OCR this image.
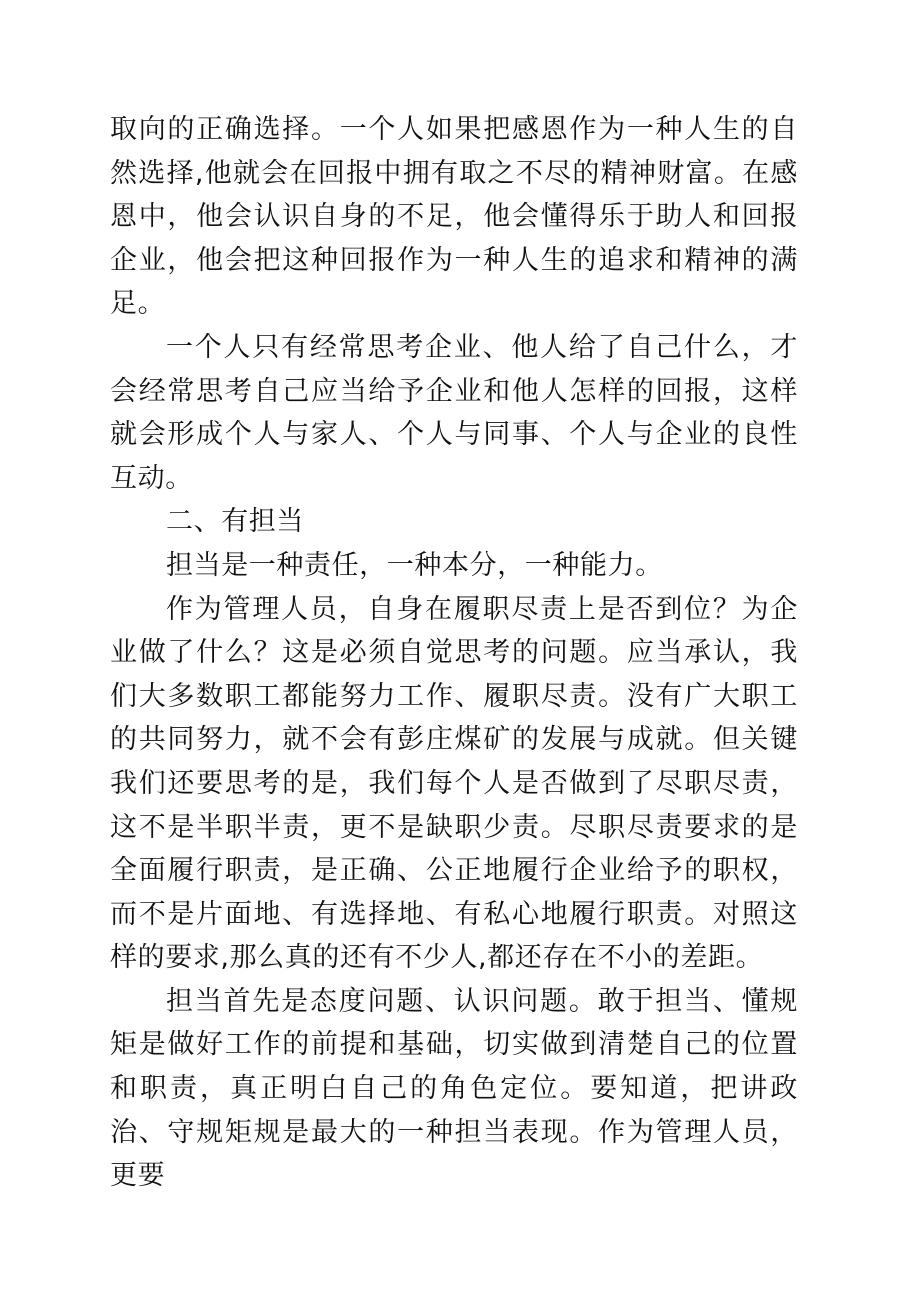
取向的正确选择。一个人如果把感恩作为一种人生的自然选择,他就会在回报中拥有取之不尽的精神财富。在感恩中，他会认识自身的不足，他会懂得乐于助人和回报企业，他会把这种回报作为一种人生的追求和精神的满足。

一个人只有经常思考企业、他人给了自己什么，才会经常思考自己应当给予企业和他人怎样的回报，这样就会形成个人与家人、个人与同事、个人与企业的良性互动。

二、有担当

担当是一种责任，一种本分，一种能力。

作为管理人员，自身在履职尽责上是否到位？为企业做了什么？这是必须自觉思考的问题。应当承认，我们大多数职工都能努力工作、履职尽责。没有广大职工的共同努力，就不会有彭庄煤矿的发展与成就。但关键我们还要思考的是，我们每个人是否做到了尽职尽责，这不是半职半责，更不是缺职少责。尽职尽责要求的是全面履行职责，是正确、公正地履行企业给予的职权，而不是片面地、有选择地、有私心地履行职责。对照这样的要求,那么真的还有不少人,都还存在不小的差距。

担当首先是态度问题、认识问题。敢于担当、懂规矩是做好工作的前提和基础，切实做到清楚自己的位置和职责，真正明白自己的角色定位。要知道，把讲政治、守规矩规是最大的一种担当表现。作为管理人员，更要
